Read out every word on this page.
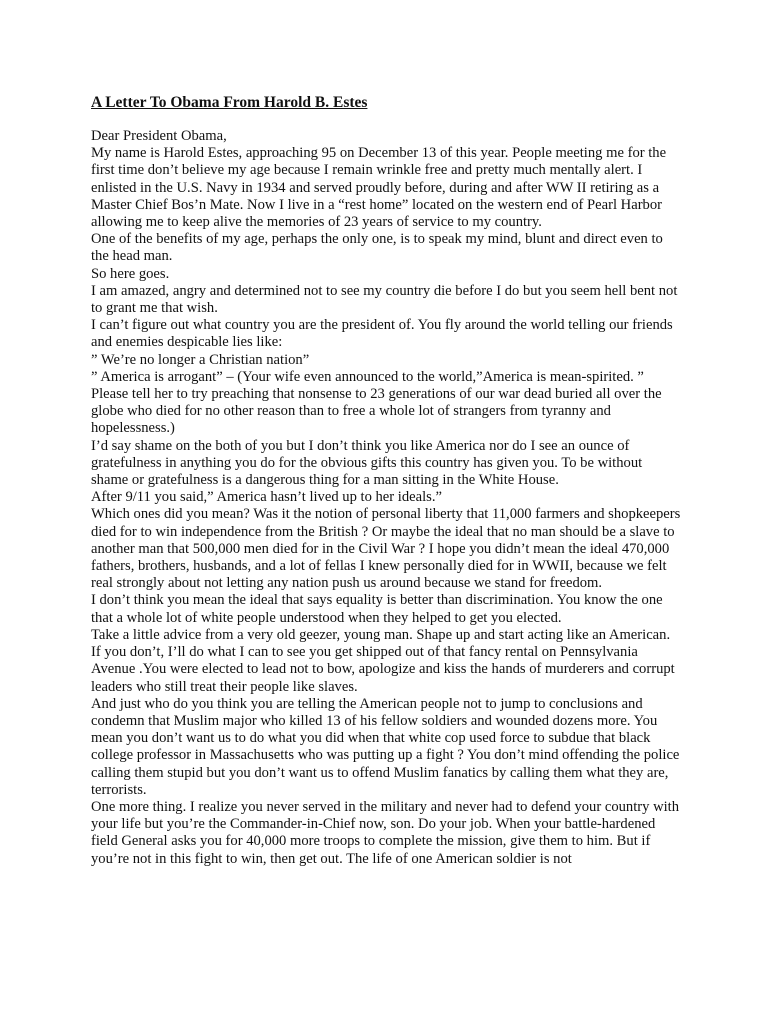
A Letter To Obama From Harold B. Estes

Dear President Obama,

My name is Harold Estes, approaching 95 on December 13 of this year. People meeting me for the first time don’t believe my age because I remain wrinkle free and pretty much mentally alert. I enlisted in the U.S. Navy in 1934 and served proudly before, during and after WW II retiring as a Master Chief Bos’n Mate. Now I live in a “rest home” located on the western end of Pearl Harbor allowing me to keep alive the memories of 23 years of service to my country.

One of the benefits of my age, perhaps the only one, is to speak my mind, blunt and direct even to the head man.

So here goes.

I am amazed, angry and determined not to see my country die before I do but you seem hell bent not to grant me that wish.

I can’t figure out what country you are the president of. You fly around the world telling our friends and enemies despicable lies like:

” We’re no longer a Christian nation”

” America is arrogant” – (Your wife even announced to the world,”America is mean-spirited. ” Please tell her to try preaching that nonsense to 23 generations of our war dead buried all over the globe who died for no other reason than to free a whole lot of strangers from tyranny and hopelessness.)

I’d say shame on the both of you but I don’t think you like America nor do I see an ounce of gratefulness in anything you do for the obvious gifts this country has given you. To be without shame or gratefulness is a dangerous thing for a man sitting in the White House.

After 9/11 you said,” America hasn’t lived up to her ideals.”

Which ones did you mean? Was it the notion of personal liberty that 11,000 farmers and shopkeepers died for to win independence from the British ? Or maybe the ideal that no man should be a slave to another man that 500,000 men died for in the Civil War ? I hope you didn’t mean the ideal 470,000 fathers, brothers, husbands, and a lot of fellas I knew personally died for in WWII, because we felt real strongly about not letting any nation push us around because we stand for freedom.

I don’t think you mean the ideal that says equality is better than discrimination. You know the one that a whole lot of white people understood when they helped to get you elected.

Take a little advice from a very old geezer, young man. Shape up and start acting like an American. If you don’t, I’ll do what I can to see you get shipped out of that fancy rental on Pennsylvania Avenue .You were elected to lead not to bow, apologize and kiss the hands of murderers and corrupt leaders who still treat their people like slaves.

And just who do you think you are telling the American people not to jump to conclusions and condemn that Muslim major who killed 13 of his fellow soldiers and wounded dozens more. You mean you don’t want us to do what you did when that white cop used force to subdue that black college professor in Massachusetts who was putting up a fight ? You don’t mind offending the police calling them stupid but you don’t want us to offend Muslim fanatics by calling them what they are, terrorists.

One more thing. I realize you never served in the military and never had to defend your country with your life but you’re the Commander-in-Chief now, son. Do your job. When your battle-hardened field General asks you for 40,000 more troops to complete the mission, give them to him. But if you’re not in this fight to win, then get out. The life of one American soldier is not
